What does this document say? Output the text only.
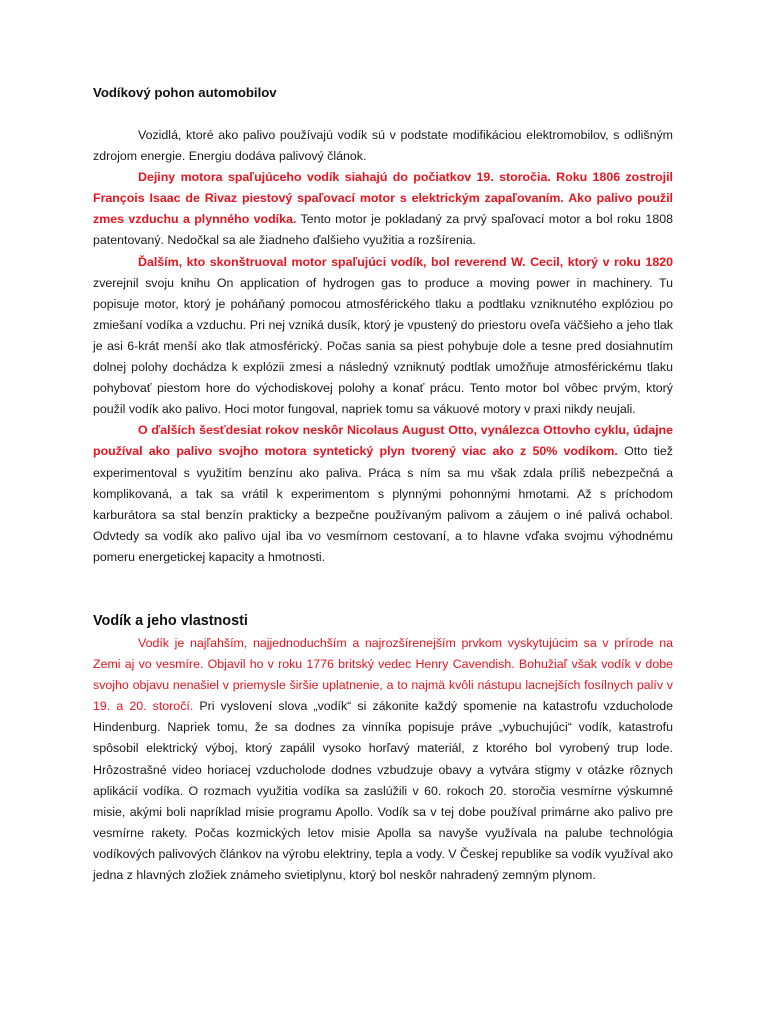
Vodíkový pohon automobilov

Vozidlá, ktoré ako palivo používajú vodík sú v podstate modifikáciou elektromobilov, s odlišným zdrojom energie. Energiu dodáva palivový článok.

Dejiny motora spaľujúceho vodík siahajú do počiatkov 19. storočia. Roku 1806 zostrojil François Isaac de Rivaz piestový spaľovací motor s elektrickým zapaľovaním. Ako palivo použil zmes vzduchu a plynného vodíka. Tento motor je pokladaný za prvý spaľovací motor a bol roku 1808 patentovaný. Nedočkal sa ale žiadneho ďalšieho využitia a rozšírenia.

Ďalším, kto skonštruoval motor spaľujúci vodík, bol reverend W. Cecil, ktorý v roku 1820 zverejnil svoju knihu On application of hydrogen gas to produce a moving power in machinery. Tu popisuje motor, ktorý je poháňaný pomocou atmosférického tlaku a podtlaku vzniknutého explóziou po zmiešaní vodíka a vzduchu. Pri nej vzniká dusík, ktorý je vpustený do priestoru oveľa väčšieho a jeho tlak je asi 6-krát menší ako tlak atmosférický. Počas sania sa piest pohybuje dole a tesne pred dosiahnutím dolnej polohy dochádza k explózii zmesi a následný vzniknutý podtlak umožňuje atmosférickému tlaku pohybovať piestom hore do východiskovej polohy a konať prácu. Tento motor bol vôbec prvým, ktorý použil vodík ako palivo. Hoci motor fungoval, napriek tomu sa vákuové motory v praxi nikdy neujali.

O ďalších šesťdesiat rokov neskôr Nicolaus August Otto, vynálezca Ottovho cyklu, údajne používal ako palivo svojho motora syntetický plyn tvorený viac ako z 50% vodíkom. Otto tiež experimentoval s využitím benzínu ako paliva. Práca s ním sa mu však zdala príliš nebezpečná a komplikovaná, a tak sa vrátil k experimentom s plynnými pohonnými hmotami. Až s príchodom karburátora sa stal benzín prakticky a bezpečne používaným palivom a záujem o iné palivá ochabol. Odvtedy sa vodík ako palivo ujal iba vo vesmírnom cestovaní, a to hlavne vďaka svojmu výhodnému pomeru energetickej kapacity a hmotnosti.

Vodík a jeho vlastnosti

Vodík je najľahším, najjednoduchším a najrozšírenejším prvkom vyskytujúcim sa v prírode na Zemi aj vo vesmíre. Objavil ho v roku 1776 britský vedec Henry Cavendish. Bohužiaľ však vodík v dobe svojho objavu nenašiel v priemysle širšie uplatnenie, a to najmä kvôli nástupu lacnejších fosílnych palív v 19. a 20. storočí. Pri vyslovení slova „vodík“ si zákonite každý spomenie na katastrofu vzducholode Hindenburg. Napriek tomu, že sa dodnes za vinníka popisuje práve „vybuchujúci“ vodík, katastrofu spôsobil elektrický výboj, ktorý zapálil vysoko horľavý materiál, z ktorého bol vyrobený trup lode. Hrôzostrašné video horiacej vzducholode dodnes vzbudzuje obavy a vytvára stigmy v otázke rôznych aplikácií vodíka. O rozmach využitia vodíka sa zaslúžili v 60. rokoch 20. storočia vesmírne výskumné misie, akými boli napríklad misie programu Apollo. Vodík sa v tej dobe používal primárne ako palivo pre vesmírne rakety. Počas kozmických letov misie Apolla sa navyše využívala na palube technológia vodíkových palivových článkov na výrobu elektriny, tepla a vody. V Českej republike sa vodík využíval ako jedna z hlavných zložiek známeho svietiplynu, ktorý bol neskôr nahradený zemným plynom.
